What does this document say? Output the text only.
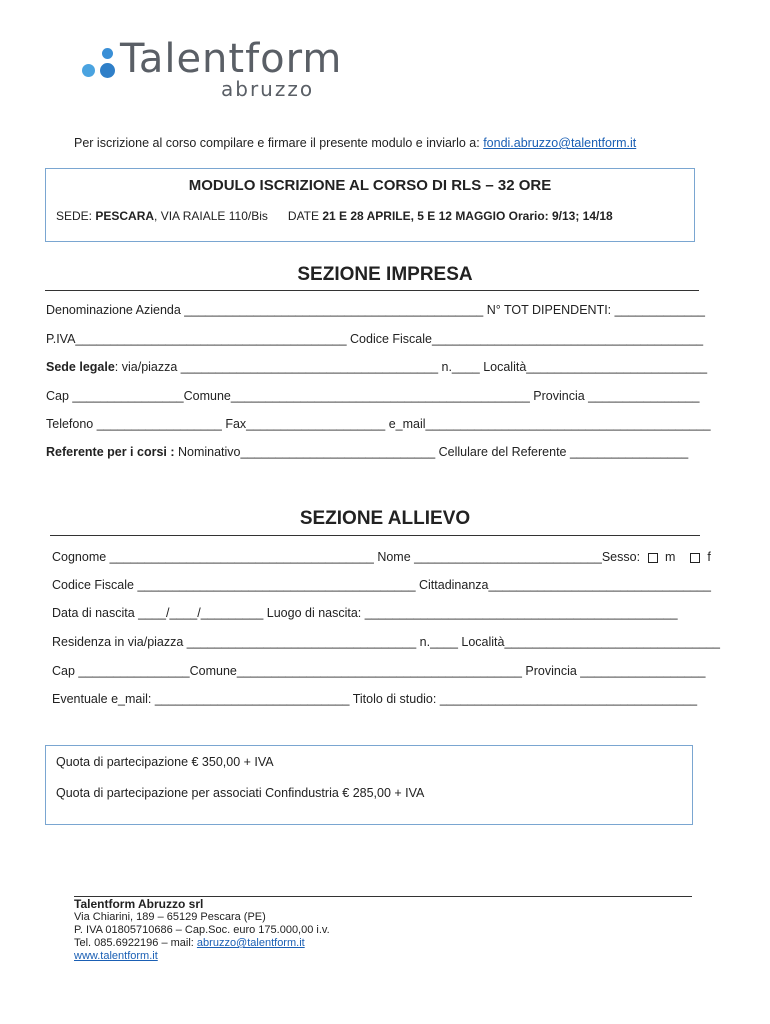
Talentform
abruzzo
Per iscrizione al corso compilare e firmare il presente modulo e inviarlo a: fondi.abruzzo@talentform.it
MODULO ISCRIZIONE AL CORSO DI RLS – 32 ORE
SEDE: PESCARA, VIA RAIALE 110/Bis DATE 21 E 28 APRILE, 5 E 12 MAGGIO Orario: 9/13; 14/18
SEZIONE IMPRESA
Denominazione Azienda ___________________________________________ N° TOT DIPENDENTI: _____________
P.IVA_______________________________________ Codice Fiscale_______________________________________
Sede legale: via/piazza _____________________________________ n.____ Località__________________________
Cap ________________Comune___________________________________________ Provincia ________________
Telefono __________________ Fax____________________ e_mail_________________________________________
Referente per i corsi : Nominativo____________________________ Cellulare del Referente _________________
SEZIONE ALLIEVO
Cognome ______________________________________ Nome ___________________________Sesso: m	f
Codice Fiscale ________________________________________ Cittadinanza________________________________
Data di nascita ____/____/_________ Luogo di nascita: _____________________________________________
Residenza in via/piazza _________________________________ n.____ Località_______________________________
Cap ________________Comune_________________________________________ Provincia __________________
Eventuale e_mail: ____________________________ Titolo di studio: _____________________________________
Quota di partecipazione € 350,00 + IVA
Quota di partecipazione per associati Confindustria € 285,00 + IVA
Talentform Abruzzo srl
Via Chiarini, 189 – 65129 Pescara (PE)
P. IVA 01805710686 – Cap.Soc. euro 175.000,00 i.v.
Tel. 085.6922196 – mail: abruzzo@talentform.it
www.talentform.it
